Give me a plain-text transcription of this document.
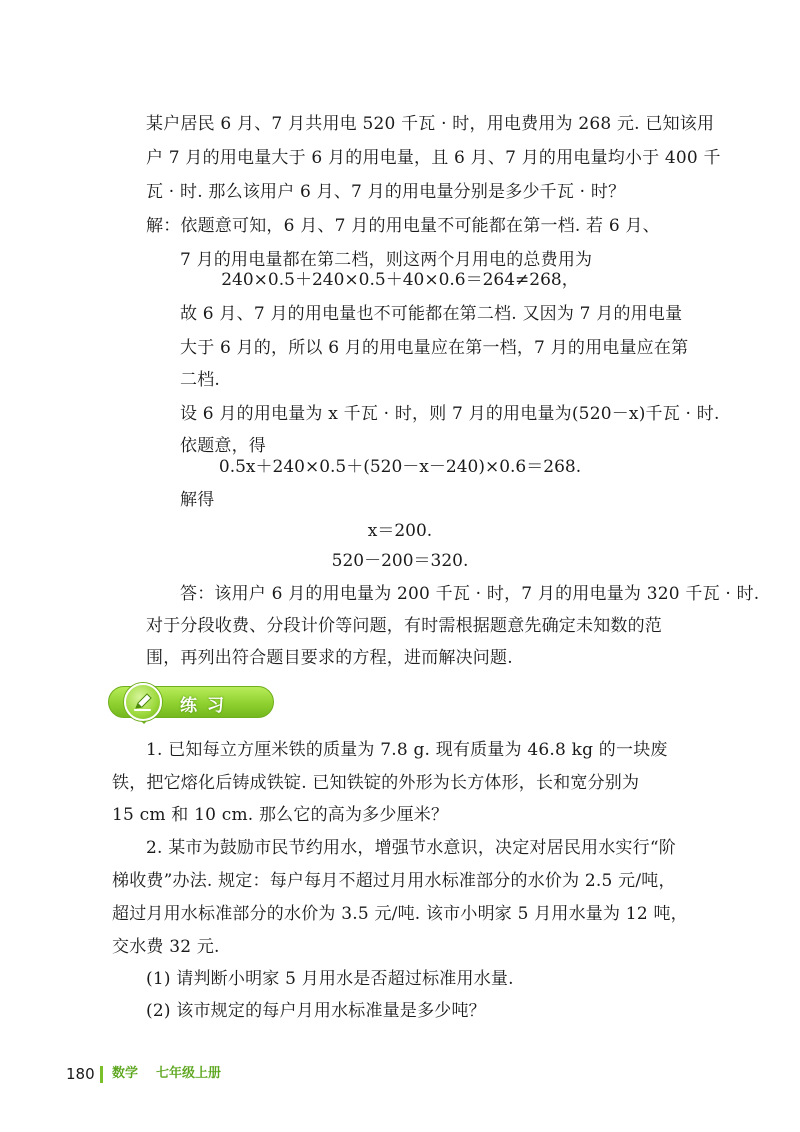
某户居民 6 月、7 月共用电 520 千瓦 · 时，用电费用为 268 元. 已知该用
户 7 月的用电量大于 6 月的用电量，且 6 月、7 月的用电量均小于 400 千
瓦 · 时. 那么该用户 6 月、7 月的用电量分别是多少千瓦 · 时？
解：依题意可知，6 月、7 月的用电量不可能都在第一档. 若 6 月、
7 月的用电量都在第二档，则这两个月用电的总费用为
240×0.5＋240×0.5＋40×0.6＝264≠268，
故 6 月、7 月的用电量也不可能都在第二档. 又因为 7 月的用电量
大于 6 月的，所以 6 月的用电量应在第一档，7 月的用电量应在第
二档.
设 6 月的用电量为 x 千瓦 · 时，则 7 月的用电量为(520－x)千瓦 · 时.
依题意，得
0.5x＋240×0.5＋(520－x－240)×0.6＝268.
解得
x＝200.
520－200＝320.
答：该用户 6 月的用电量为 200 千瓦 · 时，7 月的用电量为 320 千瓦 · 时.
对于分段收费、分段计价等问题，有时需根据题意先确定未知数的范
围，再列出符合题目要求的方程，进而解决问题.
练习
1. 已知每立方厘米铁的质量为 7.8 g. 现有质量为 46.8 kg 的一块废
铁，把它熔化后铸成铁锭. 已知铁锭的外形为长方体形，长和宽分别为
15 cm 和 10 cm. 那么它的高为多少厘米？
2. 某市为鼓励市民节约用水，增强节水意识，决定对居民用水实行“阶
梯收费”办法. 规定：每户每月不超过月用水标准部分的水价为 2.5 元/吨，
超过月用水标准部分的水价为 3.5 元/吨. 该市小明家 5 月用水量为 12 吨，
交水费 32 元.
(1) 请判断小明家 5 月用水是否超过标准用水量.
(2) 该市规定的每户月用水标准量是多少吨？
180 数学 七年级上册
